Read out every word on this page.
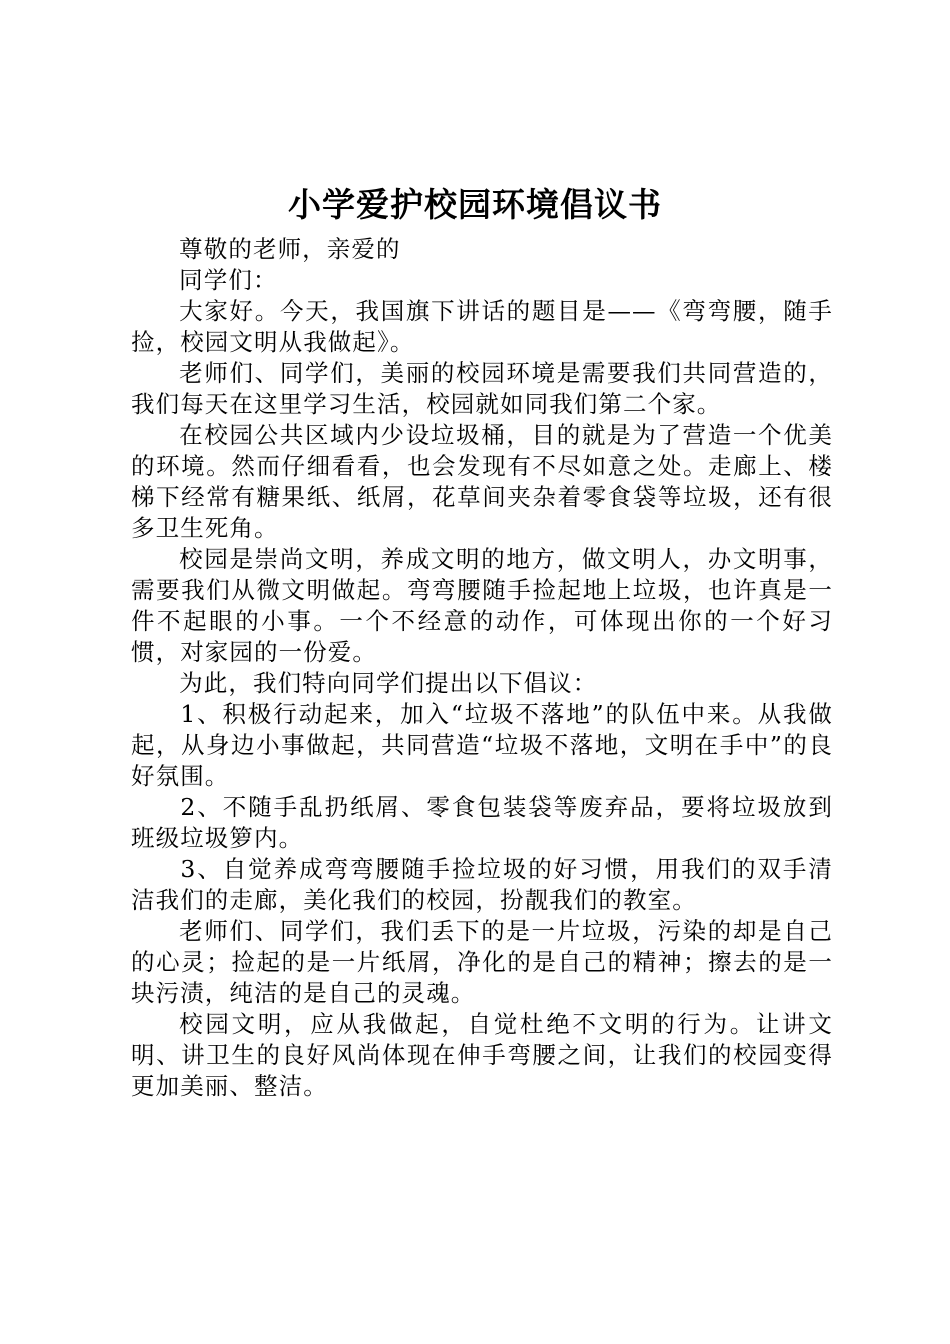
小学爱护校园环境倡议书

尊敬的老师，亲爱的

同学们：

大家好。今天，我国旗下讲话的题目是——《弯弯腰，随手捡，校园文明从我做起》。

老师们、同学们，美丽的校园环境是需要我们共同营造的，我们每天在这里学习生活，校园就如同我们第二个家。

在校园公共区域内少设垃圾桶，目的就是为了营造一个优美的环境。然而仔细看看，也会发现有不尽如意之处。走廊上、楼梯下经常有糖果纸、纸屑，花草间夹杂着零食袋等垃圾，还有很多卫生死角。

校园是崇尚文明，养成文明的地方，做文明人，办文明事，需要我们从微文明做起。弯弯腰随手捡起地上垃圾，也许真是一件不起眼的小事。一个不经意的动作，可体现出你的一个好习惯，对家园的一份爱。

为此，我们特向同学们提出以下倡议：

1、积极行动起来，加入“垃圾不落地”的队伍中来。从我做起，从身边小事做起，共同营造“垃圾不落地，文明在手中”的良好氛围。

2、不随手乱扔纸屑、零食包装袋等废弃品，要将垃圾放到班级垃圾箩内。

3、自觉养成弯弯腰随手捡垃圾的好习惯，用我们的双手清洁我们的走廊，美化我们的校园，扮靓我们的教室。

老师们、同学们，我们丢下的是一片垃圾，污染的却是自己的心灵；捡起的是一片纸屑，净化的是自己的精神；擦去的是一块污渍，纯洁的是自己的灵魂。

校园文明，应从我做起，自觉杜绝不文明的行为。让讲文明、讲卫生的良好风尚体现在伸手弯腰之间，让我们的校园变得更加美丽、整洁。
